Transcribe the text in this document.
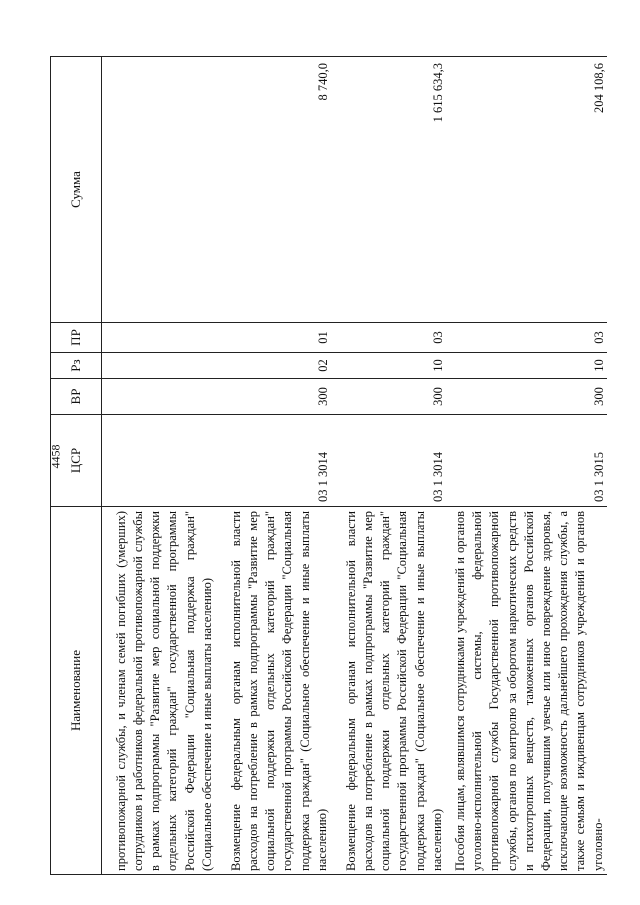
4458
Наименование	ЦСР	ВР	Рз	ПР	Сумма
противопожарной службы, и членам семей погибших (умерших) сотрудников и работников федеральной противопожарной службы в рамках подпрограммы "Развитие мер социальной поддержки отдельных категорий граждан" государственной программы Российской Федерации "Социальная поддержка граждан" (Социальное обеспечение и иные выплаты населению)					
Возмещение федеральным органам исполнительной власти расходов на потребление в рамках подпрограммы "Развитие мер социальной поддержки отдельных категорий граждан" государственной программы Российской Федерации "Социальная поддержка граждан" (Социальное обеспечение и иные выплаты населению)	03 1 3014	300	02	01	8 740,0
Возмещение федеральным органам исполнительной власти расходов на потребление в рамках подпрограммы "Развитие мер социальной поддержки отдельных категорий граждан" государственной программы Российской Федерации "Социальная поддержка граждан" (Социальное обеспечение и иные выплаты населению)	03 1 3014	300	10	03	1 615 634,3
Пособия лицам, являвшимся сотрудниками учреждений и органов уголовно-исполнительной системы, федеральной противопожарной службы Государственной противопожарной службы, органов по контролю за оборотом наркотических средств и психотропных веществ, таможенных органов Российской Федерации, получившим увечье или иное повреждение здоровья, исключающие возможность дальнейшего прохождения службы, а также семьям и иждивенцам сотрудников учреждений и органов уголовно-	03 1 3015	300	10	03	204 108,6
